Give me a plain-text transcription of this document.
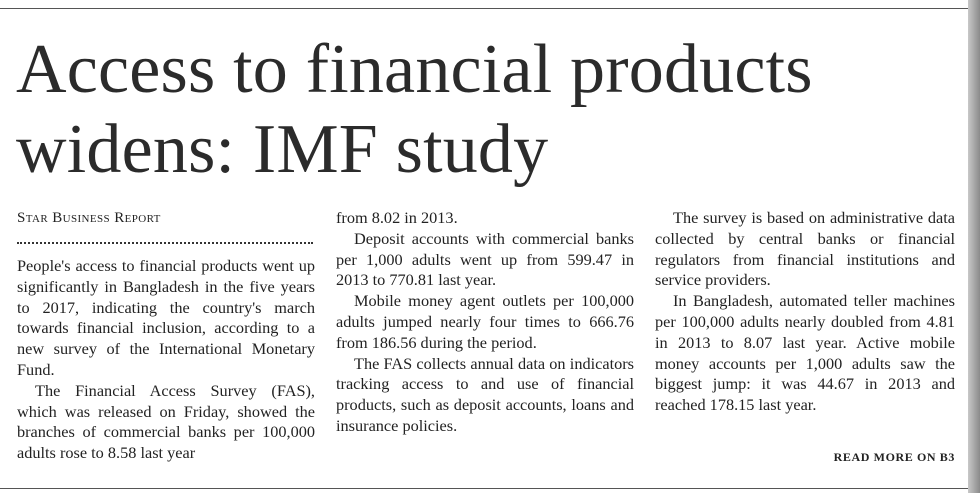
Access to financial products
widens: IMF study
Star Business Report

People's access to financial products went up significantly in Bangladesh in the five years to 2017, indicating the country's march towards financial inclusion, according to a new survey of the International Monetary Fund.

The Financial Access Survey (FAS), which was released on Friday, showed the branches of commercial banks per 100,000 adults rose to 8.58 last year

from 8.02 in 2013.

Deposit accounts with commercial banks per 1,000 adults went up from 599.47 in 2013 to 770.81 last year.

Mobile money agent outlets per 100,000 adults jumped nearly four times to 666.76 from 186.56 during the period.

The FAS collects annual data on indicators tracking access to and use of financial products, such as deposit accounts, loans and insurance policies.

The survey is based on administrative data collected by central banks or financial regulators from financial institutions and service providers.

In Bangladesh, automated teller machines per 100,000 adults nearly doubled from 4.81 in 2013 to 8.07 last year. Active mobile money accounts per 1,000 adults saw the biggest jump: it was 44.67 in 2013 and reached 178.15 last year.

READ MORE ON B3
